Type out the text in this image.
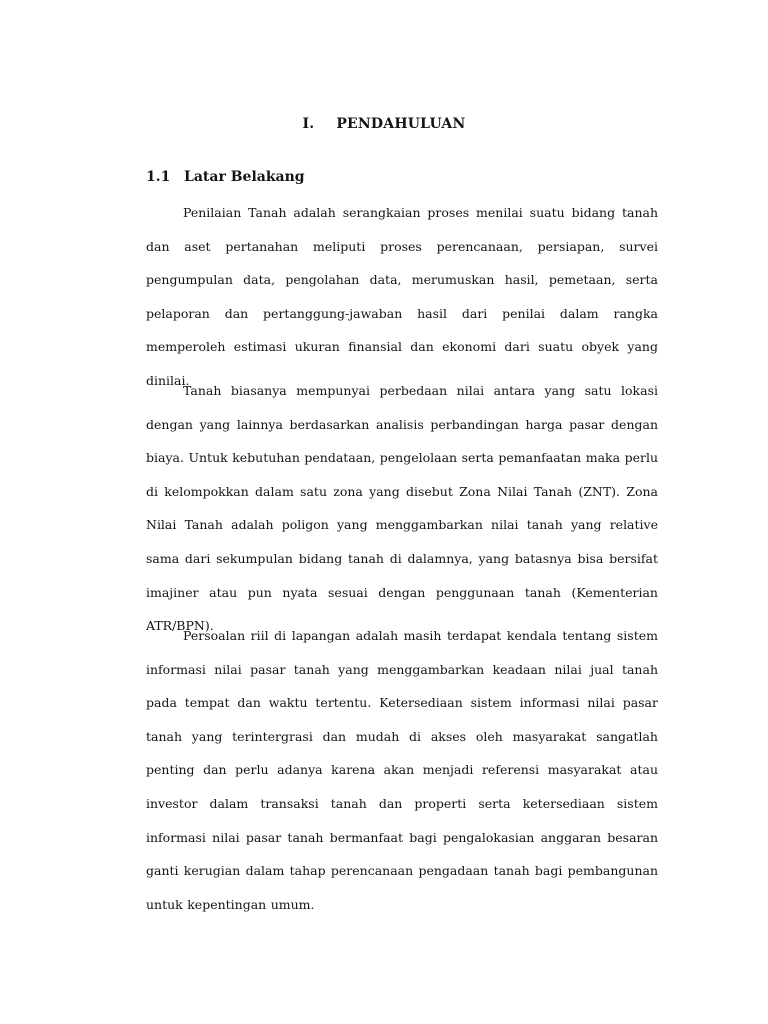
I. PENDAHULUAN
1.1 Latar Belakang

Penilaian Tanah adalah serangkaian proses menilai suatu bidang tanah dan aset pertanahan meliputi proses perencanaan, persiapan, survei pengumpulan data, pengolahan data, merumuskan hasil, pemetaan, serta pelaporan dan pertanggung-jawaban hasil dari penilai dalam rangka memperoleh estimasi ukuran finansial dan ekonomi dari suatu obyek yang dinilai.

Tanah biasanya mempunyai perbedaan nilai antara yang satu lokasi dengan yang lainnya berdasarkan analisis perbandingan harga pasar dengan biaya. Untuk kebutuhan pendataan, pengelolaan serta pemanfaatan maka perlu di kelompokkan dalam satu zona yang disebut Zona Nilai Tanah (ZNT). Zona Nilai Tanah adalah poligon yang menggambarkan nilai tanah yang relative sama dari sekumpulan bidang tanah di dalamnya, yang batasnya bisa bersifat imajiner atau pun nyata sesuai dengan penggunaan tanah (Kementerian ATR/BPN).

Persoalan riil di lapangan adalah masih terdapat kendala tentang sistem informasi nilai pasar tanah yang menggambarkan keadaan nilai jual tanah pada tempat dan waktu tertentu. Ketersediaan sistem informasi nilai pasar tanah yang terintergrasi dan mudah di akses oleh masyarakat sangatlah penting dan perlu adanya karena akan menjadi referensi masyarakat atau investor dalam transaksi tanah dan properti serta ketersediaan sistem informasi nilai pasar tanah bermanfaat bagi pengalokasian anggaran besaran ganti kerugian dalam tahap perencanaan pengadaan tanah bagi pembangunan untuk kepentingan umum.
